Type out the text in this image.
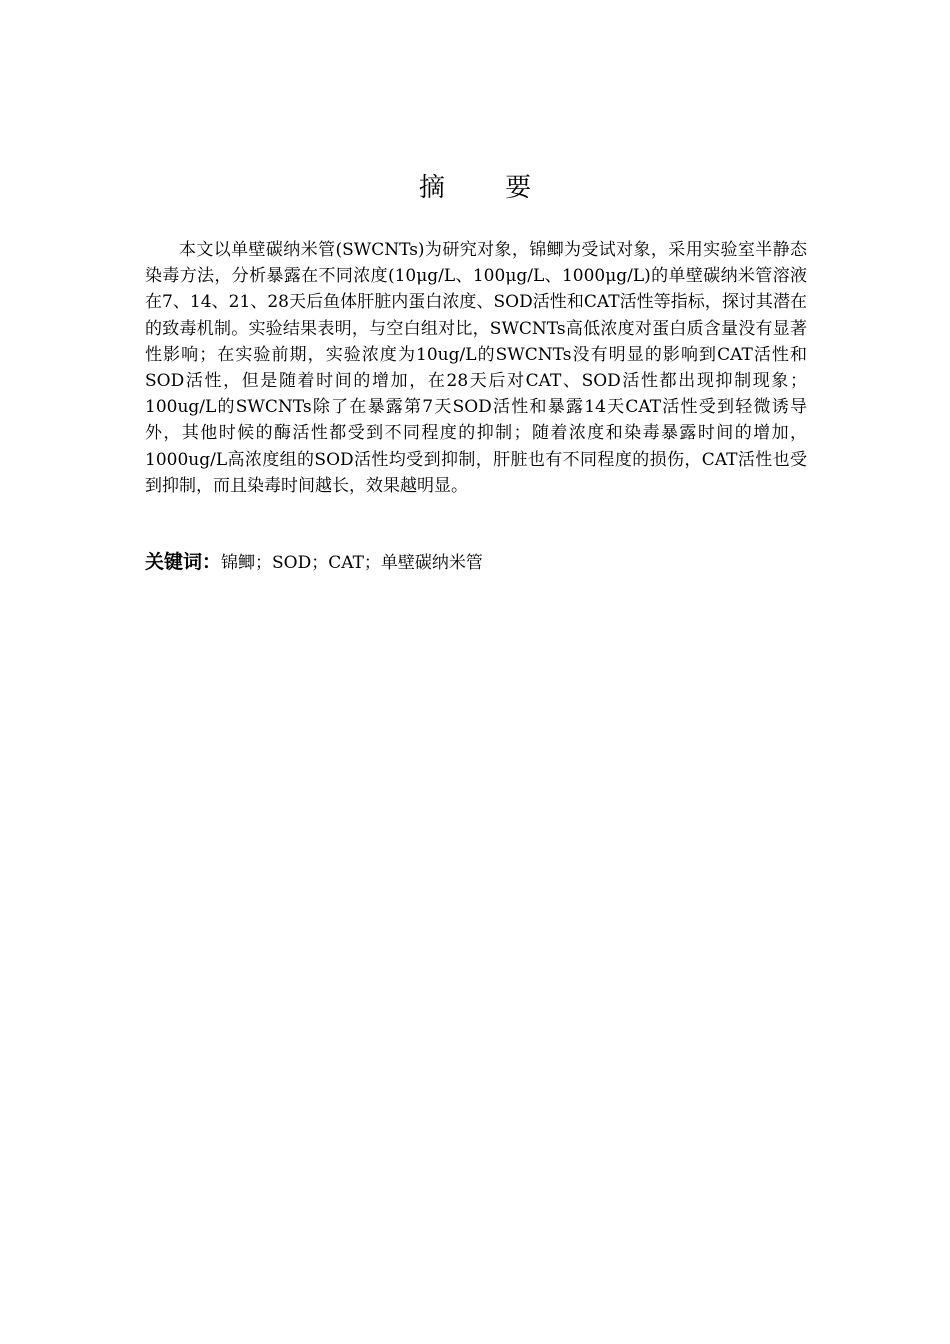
摘 要

本文以单壁碳纳米管(SWCNTs)为研究对象，锦鲫为受试对象，采用实验室半静态染毒方法，分析暴露在不同浓度(10μg/L、100μg/L、1000μg/L)的单壁碳纳米管溶液在7、14、21、28天后鱼体肝脏内蛋白浓度、SOD活性和CAT活性等指标，探讨其潜在的致毒机制。实验结果表明，与空白组对比，SWCNTs高低浓度对蛋白质含量没有显著性影响；在实验前期，实验浓度为10ug/L的SWCNTs没有明显的影响到CAT活性和SOD活性，但是随着时间的增加，在28天后对CAT、SOD活性都出现抑制现象；100ug/L的SWCNTs除了在暴露第7天SOD活性和暴露14天CAT活性受到轻微诱导外，其他时候的酶活性都受到不同程度的抑制；随着浓度和染毒暴露时间的增加，1000ug/L高浓度组的SOD活性均受到抑制，肝脏也有不同程度的损伤，CAT活性也受到抑制，而且染毒时间越长，效果越明显。

关键词：锦鲫；SOD；CAT；单壁碳纳米管
